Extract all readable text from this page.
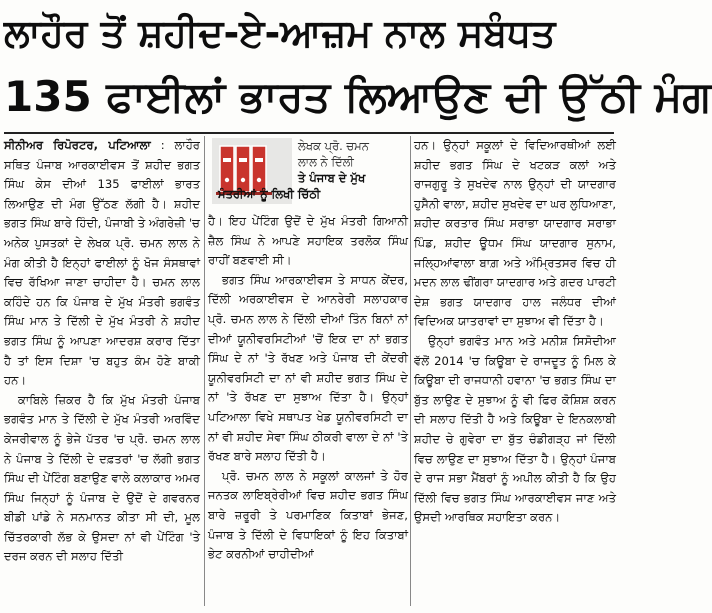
ਲਾਹੌਰ ਤੋਂ ਸ਼ਹੀਦ-ਏ-ਆਜ਼ਮ ਨਾਲ ਸਬੰਧਤ
135 ਫਾਈਲਾਂ ਭਾਰਤ ਲਿਆਉਣ ਦੀ ਉੱਠੀ ਮੰਗ

ਸੀਨੀਅਰ ਰਿਪੋਰਟਰ, ਪਟਿਆਲਾ : ਲਾਹੌਰ ਸਥਿਤ ਪੰਜਾਬ ਆਰਕਾਈਵਸ ਤੋਂ ਸ਼ਹੀਦ ਭਗਤ ਸਿੰਘ ਕੇਸ ਦੀਆਂ 135 ਫਾਈਲਾਂ ਭਾਰਤ ਲਿਆਉਣ ਦੀ ਮੰਗ ਉੱਠਣ ਲੱਗੀ ਹੈ। ਸ਼ਹੀਦ ਭਗਤ ਸਿੰਘ ਬਾਰੇ ਹਿੰਦੀ, ਪੰਜਾਬੀ ਤੇ ਅੰਗਰੇਜ਼ੀ 'ਚ ਅਨੇਕ ਪੁਸਤਕਾਂ ਦੇ ਲੇਖਕ ਪ੍ਰੋ. ਚਮਨ ਲਾਲ ਨੇ ਮੰਗ ਕੀਤੀ ਹੈ ਇਨ੍ਹਾਂ ਫਾਈਲਾਂ ਨੂੰ ਖੋਜ ਸੰਸਥਾਵਾਂ ਵਿਚ ਰੱਖਿਆ ਜਾਣਾ ਚਾਹੀਦਾ ਹੈ। ਚਮਨ ਲਾਲ ਕਹਿੰਦੇ ਹਨ ਕਿ ਪੰਜਾਬ ਦੇ ਮੁੱਖ ਮੰਤਰੀ ਭਗਵੰਤ ਸਿੰਘ ਮਾਨ ਤੇ ਦਿੱਲੀ ਦੇ ਮੁੱਖ ਮੰਤਰੀ ਨੇ ਸ਼ਹੀਦ ਭਗਤ ਸਿੰਘ ਨੂੰ ਆਪਣਾ ਆਦਰਸ਼ ਕਰਾਰ ਦਿੱਤਾ ਹੈ ਤਾਂ ਇਸ ਦਿਸ਼ਾ 'ਚ ਬਹੁਤ ਕੰਮ ਹੋਣੇ ਬਾਕੀ ਹਨ।

ਕਾਬਿਲੇ ਜ਼ਿਕਰ ਹੈ ਕਿ ਮੁੱਖ ਮੰਤਰੀ ਪੰਜਾਬ ਭਗਵੰਤ ਮਾਨ ਤੇ ਦਿੱਲੀ ਦੇ ਮੁੱਖ ਮੰਤਰੀ ਅਰਵਿੰਦ ਕੇਜਰੀਵਾਲ ਨੂੰ ਭੇਜੇ ਪੱਤਰ 'ਚ ਪ੍ਰੋ. ਚਮਨ ਲਾਲ ਨੇ ਪੰਜਾਬ ਤੇ ਦਿੱਲੀ ਦੇ ਦਫ਼ਤਰਾਂ 'ਚ ਲੱਗੀ ਭਗਤ ਸਿੰਘ ਦੀ ਪੇਂਟਿੰਗ ਬਣਾਉਣ ਵਾਲੇ ਕਲਾਕਾਰ ਅਮਰ ਸਿੰਘ ਜਿਨ੍ਹਾਂ ਨੂੰ ਪੰਜਾਬ ਦੇ ਉਦੋਂ ਦੇ ਗਵਰਨਰ ਬੀਡੀ ਪਾਂਡੇ ਨੇ ਸਨਮਾਨਤ ਕੀਤਾ ਸੀ ਦੀ, ਮੂਲ ਚਿੱਤਰਕਾਰੀ ਲੱਭ ਕੇ ਉਸਦਾ ਨਾਂ ਵੀ ਪੇਂਟਿੰਗ 'ਤੇ ਦਰਜ ਕਰਨ ਦੀ ਸਲਾਹ ਦਿੱਤੀ

ਲੇਖਕ ਪ੍ਰੋ. ਚਮਨ
ਲਾਲ ਨੇ ਦਿੱਲੀ
ਤੇ ਪੰਜਾਬ ਦੇ ਮੁੱਖ
ਮੰਤਰੀਆਂ ਨੂੰ ਲਿਖੀ ਚਿੱਠੀ

ਹੈ। ਇਹ ਪੇਂਟਿੰਗ ਉਦੋਂ ਦੇ ਮੁੱਖ ਮੰਤਰੀ ਗਿਆਨੀ ਜ਼ੈਲ ਸਿੰਘ ਨੇ ਆਪਣੇ ਸਹਾਇਕ ਤਰਲੋਕ ਸਿੰਘ ਰਾਹੀਂ ਬਣਵਾਈ ਸੀ।

ਭਗਤ ਸਿੰਘ ਆਰਕਾਈਵਸ ਤੇ ਸਾਧਨ ਕੇਂਦਰ, ਦਿੱਲੀ ਅਰਕਾਈਵਸ ਦੇ ਆਨਰੇਰੀ ਸਲਾਹਕਾਰ ਪ੍ਰੋ. ਚਮਨ ਲਾਲ ਨੇ ਦਿੱਲੀ ਦੀਆਂ ਤਿੰਨ ਬਿਨਾਂ ਨਾਂ ਦੀਆਂ ਯੂਨੀਵਰਸਿਟੀਆਂ 'ਚੋਂ ਇਕ ਦਾ ਨਾਂ ਭਗਤ ਸਿੰਘ ਦੇ ਨਾਂ 'ਤੇ ਰੱਖਣ ਅਤੇ ਪੰਜਾਬ ਦੀ ਕੇਂਦਰੀ ਯੂਨੀਵਰਸਿਟੀ ਦਾ ਨਾਂ ਵੀ ਸ਼ਹੀਦ ਭਗਤ ਸਿੰਘ ਦੇ ਨਾਂ 'ਤੇ ਰੱਖਣ ਦਾ ਸੁਝਾਅ ਦਿੱਤਾ ਹੈ। ਉਨ੍ਹਾਂ ਪਟਿਆਲਾ ਵਿਖੇ ਸਥਾਪਤ ਖੇਡ ਯੂਨੀਵਰਸਿਟੀ ਦਾ ਨਾਂ ਵੀ ਸ਼ਹੀਦ ਸੇਵਾ ਸਿੰਘ ਠੀਕਰੀ ਵਾਲਾ ਦੇ ਨਾਂ 'ਤੇ ਰੱਖਣ ਬਾਰੇ ਸਲਾਹ ਦਿੱਤੀ ਹੈ।

ਪ੍ਰੋ. ਚਮਨ ਲਾਲ ਨੇ ਸਕੂਲਾਂ ਕਾਲਜਾਂ ਤੇ ਹੋਰ ਜਨਤਕ ਲਾਇਬ੍ਰੇਰੀਆਂ ਵਿਚ ਸ਼ਹੀਦ ਭਗਤ ਸਿੰਘ ਬਾਰੇ ਜ਼ਰੂਰੀ ਤੇ ਪਰਮਾਣਿਕ ਕਿਤਾਬਾਂ ਭੇਜਣ, ਪੰਜਾਬ ਤੇ ਦਿੱਲੀ ਦੇ ਵਿਧਾਇਕਾਂ ਨੂੰ ਇਹ ਕਿਤਾਬਾਂ ਭੇਟ ਕਰਨੀਆਂ ਚਾਹੀਦੀਆਂ

ਹਨ। ਉਨ੍ਹਾਂ ਸਕੂਲਾਂ ਦੇ ਵਿਦਿਆਰਥੀਆਂ ਲਈ ਸ਼ਹੀਦ ਭਗਤ ਸਿੰਘ ਦੇ ਖਟਕੜ ਕਲਾਂ ਅਤੇ ਰਾਜਗੁਰੂ ਤੇ ਸੁਖਦੇਵ ਨਾਲ ਉਨ੍ਹਾਂ ਦੀ ਯਾਦਗਾਰ ਹੁਸੈਨੀ ਵਾਲਾ, ਸ਼ਹੀਦ ਸੁਖਦੇਵ ਦਾ ਘਰ ਲੁਧਿਆਣਾ, ਸ਼ਹੀਦ ਕਰਤਾਰ ਸਿੰਘ ਸਰਾਭਾ ਯਾਦਗਾਰ ਸਰਾਭਾ ਪਿੰਡ, ਸ਼ਹੀਦ ਊਧਮ ਸਿੰਘ ਯਾਦਗਾਰ ਸੁਨਾਮ, ਜਲ੍ਹਿਆਂਵਾਲਾ ਬਾਗ਼ ਅਤੇ ਅੰਮ੍ਰਿਤਸਰ ਵਿਚ ਹੀ ਮਦਨ ਲਾਲ ਢੀਂਗਰਾ ਯਾਦਗਾਰ ਅਤੇ ਗਦਰ ਪਾਰਟੀ ਦੇਸ਼ ਭਗਤ ਯਾਦਗਾਰ ਹਾਲ ਜਲੰਧਰ ਦੀਆਂ ਵਿਦਿਅਕ ਯਾਤਰਾਵਾਂ ਦਾ ਸੁਝਾਅ ਵੀ ਦਿੱਤਾ ਹੈ।

ਉਨ੍ਹਾਂ ਭਗਵੰਤ ਮਾਨ ਅਤੇ ਮਨੀਸ਼ ਸਿਸੋਦੀਆ ਵੱਲੋਂ 2014 'ਚ ਕਿਊਬਾ ਦੇ ਰਾਜਦੂਤ ਨੂੰ ਮਿਲ ਕੇ ਕਿਊਬਾ ਦੀ ਰਾਜਧਾਨੀ ਹਵਾਨਾ 'ਚ ਭਗਤ ਸਿੰਘ ਦਾ ਬੁੱਤ ਲਾਉਣ ਦੇ ਸੁਝਾਅ ਨੂੰ ਵੀ ਫਿਰ ਕੋਸ਼ਿਸ਼ ਕਰਨ ਦੀ ਸਲਾਹ ਦਿੱਤੀ ਹੈ ਅਤੇ ਕਿਊਬਾ ਦੇ ਇਨਕਲਾਬੀ ਸ਼ਹੀਦ ਚੇ ਗੁਵੇਰਾ ਦਾ ਬੁੱਤ ਚੰਡੀਗੜ੍ਹ ਜਾਂ ਦਿੱਲੀ ਵਿਚ ਲਾਉਣ ਦਾ ਸੁਝਾਅ ਦਿੱਤਾ ਹੈ। ਉਨ੍ਹਾਂ ਪੰਜਾਬ ਦੇ ਰਾਜ ਸਭਾ ਮੈਂਬਰਾਂ ਨੂੰ ਅਪੀਲ ਕੀਤੀ ਹੈ ਕਿ ਉਹ ਦਿੱਲੀ ਵਿਚ ਭਗਤ ਸਿੰਘ ਆਰਕਾਈਵਸ ਜਾਣ ਅਤੇ ਉਸਦੀ ਆਰਥਿਕ ਸਹਾਇਤਾ ਕਰਨ।
